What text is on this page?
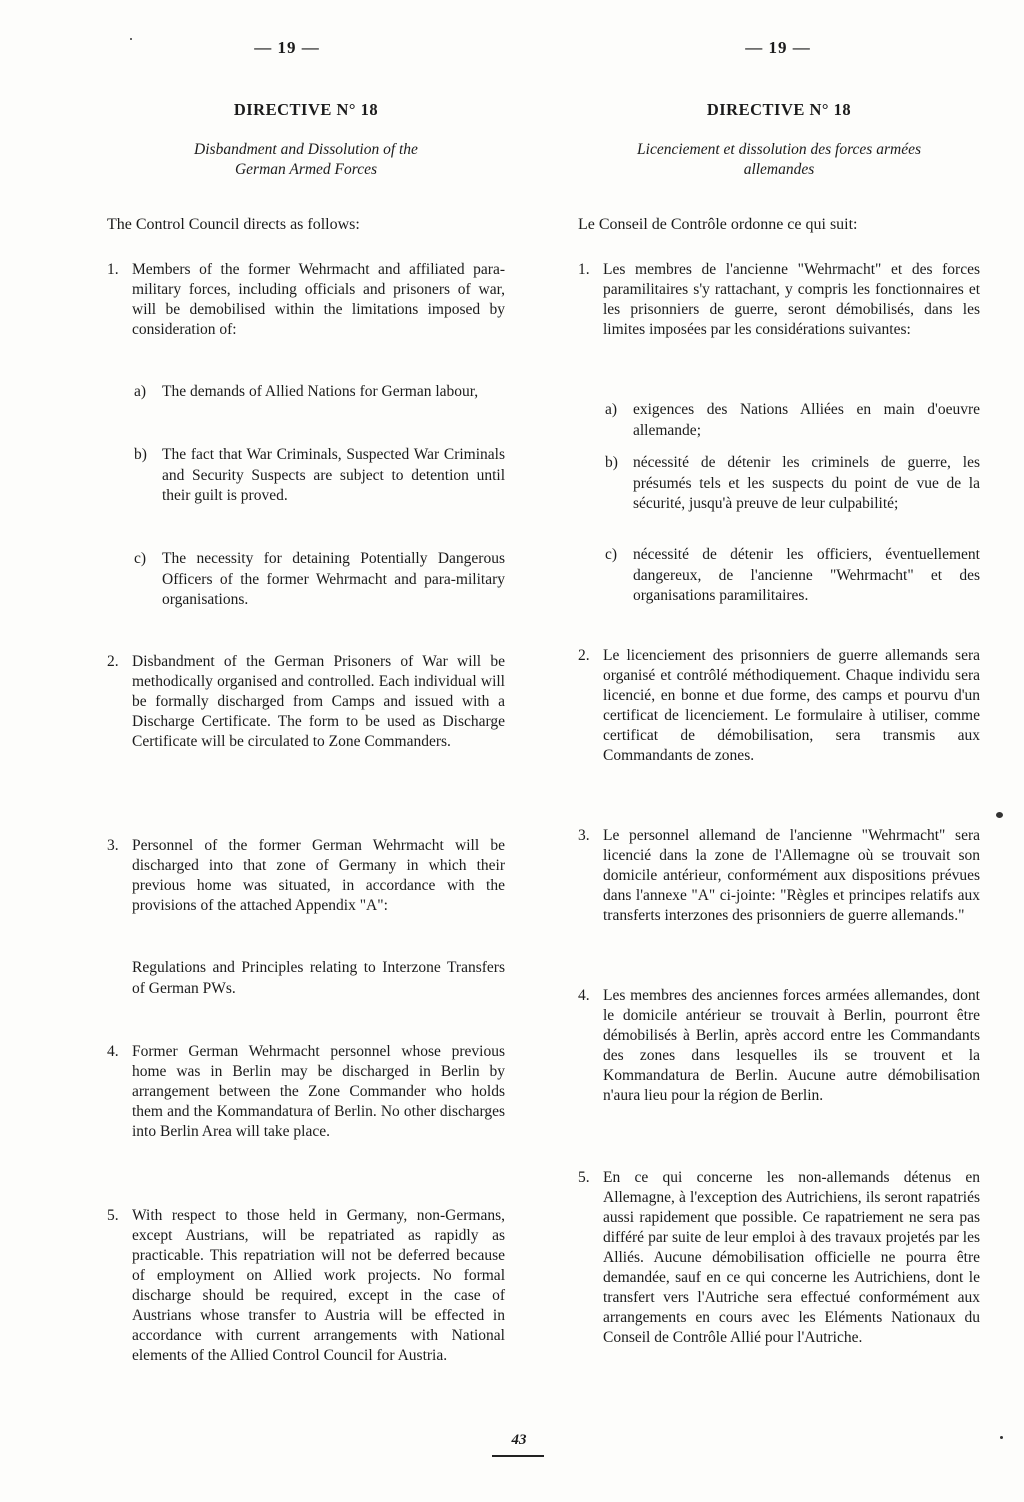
— 19 —
DIRECTIVE N° 18
Disbandment and Dissolution of the
German Armed Forces
The Control Council directs as follows:
1. Members of the former Wehrmacht and affiliated para-military forces, including officials and prisoners of war, will be demobilised within the limitations imposed by consideration of:
a) The demands of Allied Nations for German labour,
b) The fact that War Criminals, Suspected War Criminals and Security Suspects are subject to detention until their guilt is proved.
c) The necessity for detaining Potentially Dangerous Officers of the former Wehrmacht and para-military organisations.
2. Disbandment of the German Prisoners of War will be methodically organised and controlled. Each individual will be formally discharged from Camps and issued with a Discharge Certificate. The form to be used as Discharge Certificate will be circulated to Zone Commanders.
3. Personnel of the former German Wehrmacht will be discharged into that zone of Germany in which their previous home was situated, in accordance with the provisions of the attached Appendix "A":
Regulations and Principles relating to Interzone Transfers of German PWs.
4. Former German Wehrmacht personnel whose previous home was in Berlin may be discharged in Berlin by arrangement between the Zone Commander who holds them and the Kommandatura of Berlin. No other discharges into Berlin Area will take place.
5. With respect to those held in Germany, non-Germans, except Austrians, will be repatriated as rapidly as practicable. This repatriation will not be deferred because of employment on Allied work projects. No formal discharge should be required, except in the case of Austrians whose transfer to Austria will be effected in accordance with current arrangements with National elements of the Allied Control Council for Austria.
— 19 —
DIRECTIVE N° 18
Licenciement et dissolution des forces armées
allemandes
Le Conseil de Contrôle ordonne ce qui suit:
1. Les membres de l'ancienne "Wehrmacht" et des forces paramilitaires s'y rattachant, y compris les fonctionnaires et les prisonniers de guerre, seront démobilisés, dans les limites imposées par les considérations suivantes:
a) exigences des Nations Alliées en main d'oeuvre allemande;
b) nécessité de détenir les criminels de guerre, les présumés tels et les suspects du point de vue de la sécurité, jusqu'à preuve de leur culpabilité;
c) nécessité de détenir les officiers, éventuellement dangereux, de l'ancienne "Wehrmacht" et des organisations paramilitaires.
2. Le licenciement des prisonniers de guerre allemands sera organisé et contrôlé méthodiquement. Chaque individu sera licencié, en bonne et due forme, des camps et pourvu d'un certificat de licenciement. Le formulaire à utiliser, comme certificat de démobilisation, sera transmis aux Commandants de zones.
3. Le personnel allemand de l'ancienne "Wehrmacht" sera licencié dans la zone de l'Allemagne où se trouvait son domicile antérieur, conformément aux dispositions prévues dans l'annexe "A" ci-jointe: "Règles et principes relatifs aux transferts interzones des prisonniers de guerre allemands."
4. Les membres des anciennes forces armées allemandes, dont le domicile antérieur se trouvait à Berlin, pourront être démobilisés à Berlin, après accord entre les Commandants des zones dans lesquelles ils se trouvent et la Kommandatura de Berlin. Aucune autre démobilisation n'aura lieu pour la région de Berlin.
5. En ce qui concerne les non-allemands détenus en Allemagne, à l'exception des Autrichiens, ils seront rapatriés aussi rapidement que possible. Ce rapatriement ne sera pas différé par suite de leur emploi à des travaux projetés par les Alliés. Aucune démobilisation officielle ne pourra être demandée, sauf en ce qui concerne les Autrichiens, dont le transfert vers l'Autriche sera effectué conformément aux arrangements en cours avec les Eléments Nationaux du Conseil de Contrôle Allié pour l'Autriche.
43
